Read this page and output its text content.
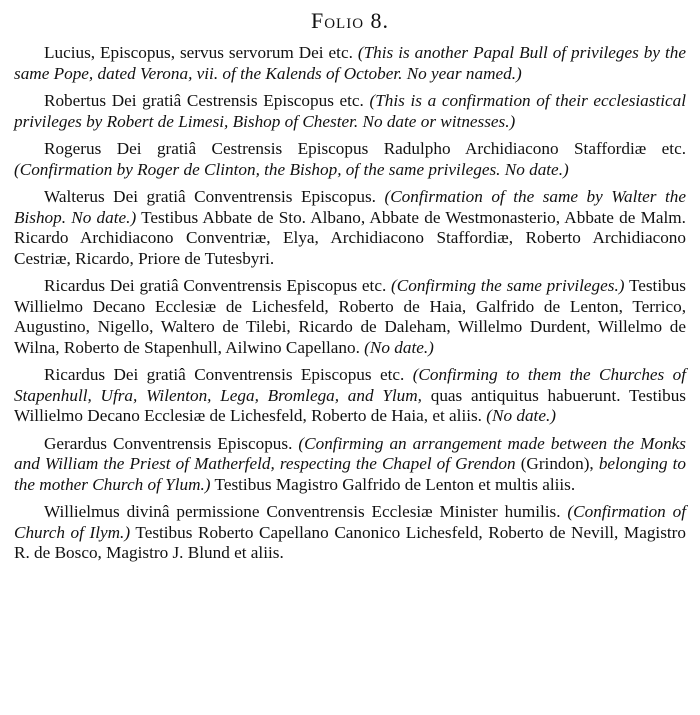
Folio 8.

Lucius, Episcopus, servus servorum Dei etc. (This is another Papal Bull of privileges by the same Pope, dated Verona, vii. of the Kalends of October. No year named.)

Robertus Dei gratiâ Cestrensis Episcopus etc. (This is a confirmation of their ecclesiastical privileges by Robert de Limesi, Bishop of Chester. No date or witnesses.)

Rogerus Dei gratiâ Cestrensis Episcopus Radulpho Archidiacono Staffordiæ etc. (Confirmation by Roger de Clinton, the Bishop, of the same privileges. No date.)

Walterus Dei gratiâ Conventrensis Episcopus. (Confirmation of the same by Walter the Bishop. No date.) Testibus Abbate de Sto. Albano, Abbate de Westmonasterio, Abbate de Malm. Ricardo Archidiacono Conventriæ, Elya, Archidiacono Staffordiæ, Roberto Archidiacono Cestriæ, Ricardo, Priore de Tutesbyri.

Ricardus Dei gratiâ Conventrensis Episcopus etc. (Confirming the same privileges.) Testibus Willielmo Decano Ecclesiæ de Lichesfeld, Roberto de Haia, Galfrido de Lenton, Terrico, Augustino, Nigello, Waltero de Tilebi, Ricardo de Daleham, Willelmo Durdent, Willelmo de Wilna, Roberto de Stapenhull, Ailwino Capellano. (No date.)

Ricardus Dei gratiâ Conventrensis Episcopus etc. (Confirming to them the Churches of Stapenhull, Ufra, Wilenton, Lega, Bromlega, and Ylum, quas antiquitus habuerunt. Testibus Willielmo Decano Ecclesiæ de Lichesfeld, Roberto de Haia, et aliis. (No date.)

Gerardus Conventrensis Episcopus. (Confirming an arrangement made between the Monks and William the Priest of Matherfeld, respecting the Chapel of Grendon (Grindon), belonging to the mother Church of Ylum.) Testibus Magistro Galfrido de Lenton et multis aliis.

Willielmus divinâ permissione Conventrensis Ecclesiæ Minister humilis. (Confirmation of Church of Ilym.) Testibus Roberto Capellano Canonico Lichesfeld, Roberto de Nevill, Magistro R. de Bosco, Magistro J. Blund et aliis.
